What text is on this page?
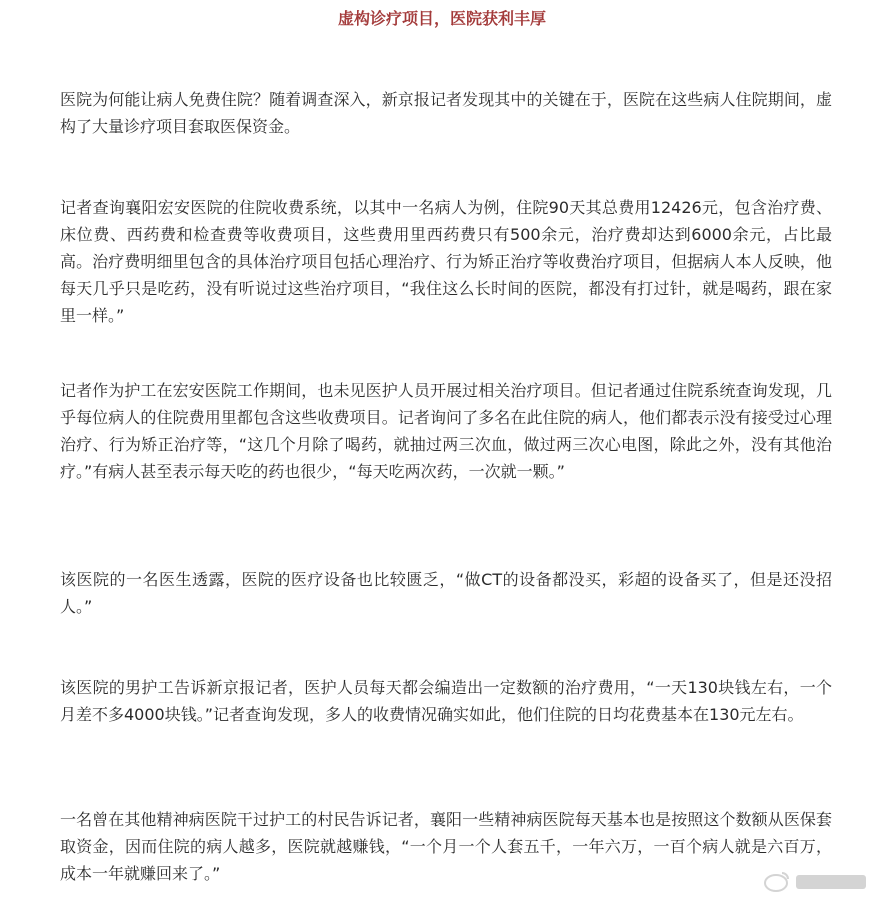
虚构诊疗项目，医院获利丰厚

医院为何能让病人免费住院？随着调查深入，新京报记者发现其中的关键在于，医院在这些病人住院期间，虚构了大量诊疗项目套取医保资金。

记者查询襄阳宏安医院的住院收费系统，以其中一名病人为例，住院90天其总费用12426元，包含治疗费、床位费、西药费和检查费等收费项目，这些费用里西药费只有500余元，治疗费却达到6000余元，占比最高。治疗费明细里包含的具体治疗项目包括心理治疗、行为矫正治疗等收费治疗项目，但据病人本人反映，他每天几乎只是吃药，没有听说过这些治疗项目，“我住这么长时间的医院，都没有打过针，就是喝药，跟在家里一样。”

记者作为护工在宏安医院工作期间，也未见医护人员开展过相关治疗项目。但记者通过住院系统查询发现，几乎每位病人的住院费用里都包含这些收费项目。记者询问了多名在此住院的病人，他们都表示没有接受过心理治疗、行为矫正治疗等，“这几个月除了喝药，就抽过两三次血，做过两三次心电图，除此之外，没有其他治疗。”有病人甚至表示每天吃的药也很少，“每天吃两次药，一次就一颗。”

该医院的一名医生透露，医院的医疗设备也比较匮乏，“做CT的设备都没买，彩超的设备买了，但是还没招人。”

该医院的男护工告诉新京报记者，医护人员每天都会编造出一定数额的治疗费用，“一天130块钱左右，一个月差不多4000块钱。”记者查询发现，多人的收费情况确实如此，他们住院的日均花费基本在130元左右。

一名曾在其他精神病医院干过护工的村民告诉记者，襄阳一些精神病医院每天基本也是按照这个数额从医保套取资金，因而住院的病人越多，医院就越赚钱，“一个月一个人套五千，一年六万，一百个病人就是六百万，成本一年就赚回来了。”
